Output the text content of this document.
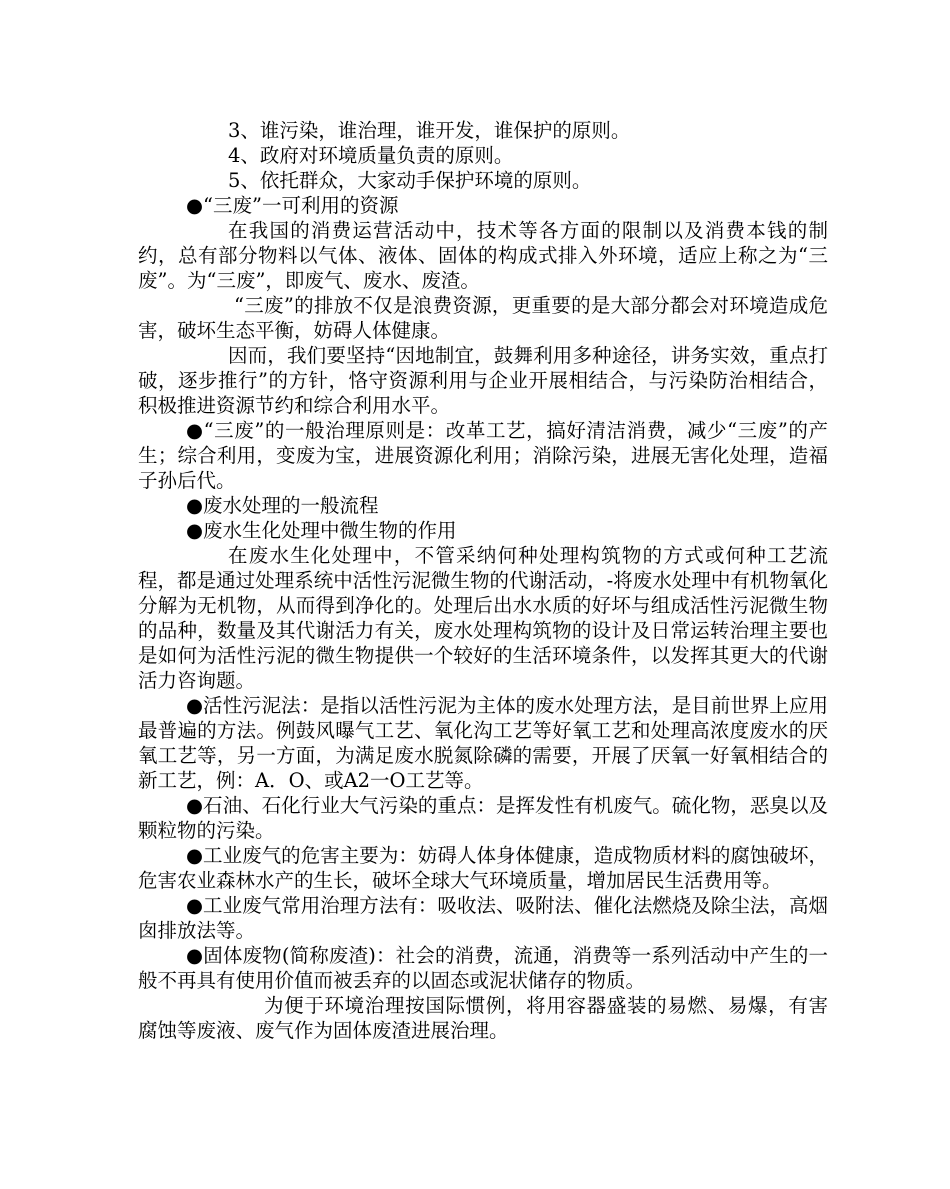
3、谁污染，谁治理，谁开发，谁保护的原则。

4、政府对环境质量负责的原则。

5、依托群众，大家动手保护环境的原则。

●“三废”一可利用的资源

在我国的消费运营活动中，技术等各方面的限制以及消费本钱的制约，总有部分物料以气体、液体、固体的构成式排入外环境，适应上称之为“三废”。为“三废”，即废气、废水、废渣。

“三废”的排放不仅是浪费资源，更重要的是大部分都会对环境造成危害，破坏生态平衡，妨碍人体健康。

因而，我们要坚持“因地制宜，鼓舞利用多种途径，讲务实效，重点打破，逐步推行”的方针，恪守资源利用与企业开展相结合，与污染防治相结合，积极推进资源节约和综合利用水平。

●“三废”的一般治理原则是：改革工艺，搞好清洁消费，减少“三废”的产生；综合利用，变废为宝，进展资源化利用；消除污染，进展无害化处理，造福子孙后代。

●废水处理的一般流程

●废水生化处理中微生物的作用

在废水生化处理中，不管采纳何种处理构筑物的方式或何种工艺流程，都是通过处理系统中活性污泥微生物的代谢活动，-将废水处理中有机物氧化分解为无机物，从而得到净化的。处理后出水水质的好坏与组成活性污泥微生物的品种，数量及其代谢活力有关，废水处理构筑物的设计及日常运转治理主要也是如何为活性污泥的微生物提供一个较好的生活环境条件，以发挥其更大的代谢活力咨询题。

●活性污泥法：是指以活性污泥为主体的废水处理方法，是目前世界上应用最普遍的方法。例鼓风曝气工艺、氧化沟工艺等好氧工艺和处理高浓度废水的厌氧工艺等，另一方面，为满足废水脱氮除磷的需要，开展了厌氧一好氧相结合的新工艺，例：A．O、或A2一O工艺等。

●石油、石化行业大气污染的重点：是挥发性有机废气。硫化物，恶臭以及颗粒物的污染。

●工业废气的危害主要为：妨碍人体身体健康，造成物质材料的腐蚀破坏，危害农业森林水产的生长，破坏全球大气环境质量，增加居民生活费用等。

●工业废气常用治理方法有：吸收法、吸附法、催化法燃烧及除尘法，高烟囱排放法等。

●固体废物(简称废渣)：社会的消费，流通，消费等一系列活动中产生的一般不再具有使用价值而被丢弃的以固态或泥状储存的物质。

为便于环境治理按国际惯例，将用容器盛装的易燃、易爆，有害腐蚀等废液、废气作为固体废渣进展治理。
